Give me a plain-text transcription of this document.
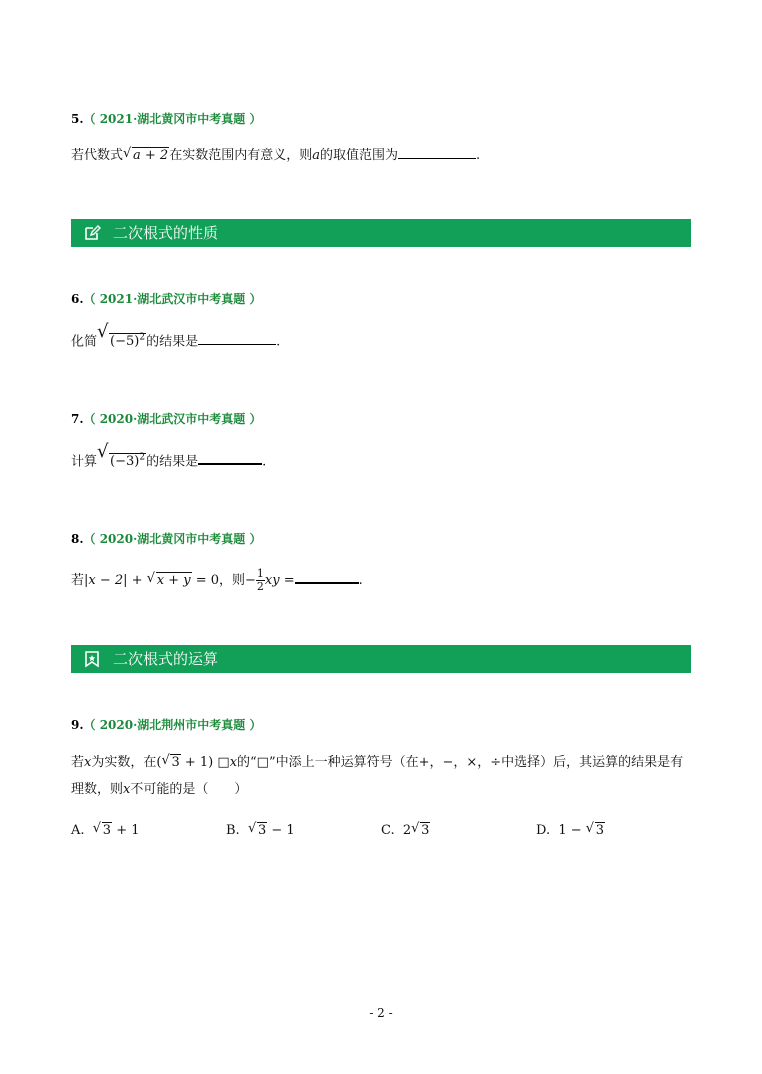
5.（ 2021·湖北黄冈市中考真题 ）
若代数式 √ a + 2在实数范围内有意义，则a的取值范围为	.
二次根式的性质
6.（ 2021·湖北武汉市中考真题 ）
化简 √ $(-5)^2$的结果是	.
7.（ 2020·湖北武汉市中考真题 ）
计算 √ $(-3)^2$的结果是	.
8.（ 2020·湖北黄冈市中考真题 ）
若|x − 2| + √ x + y = 0，则− $\frac{1}{2}$ xy =	.
二次根式的运算
9.（ 2020·湖北荆州市中考真题 ）
若x为实数，在( √ 3 + 1) □x的“□”中添上一种运算符号（在+，−，×，÷中选择）后，其运算的结果是有
理数，则x不可能的是（　　）
A. √ 3 + 1	B. √ 3 − 1	C. 2 √ 3	D. 1 − √ 3
- 2 -
